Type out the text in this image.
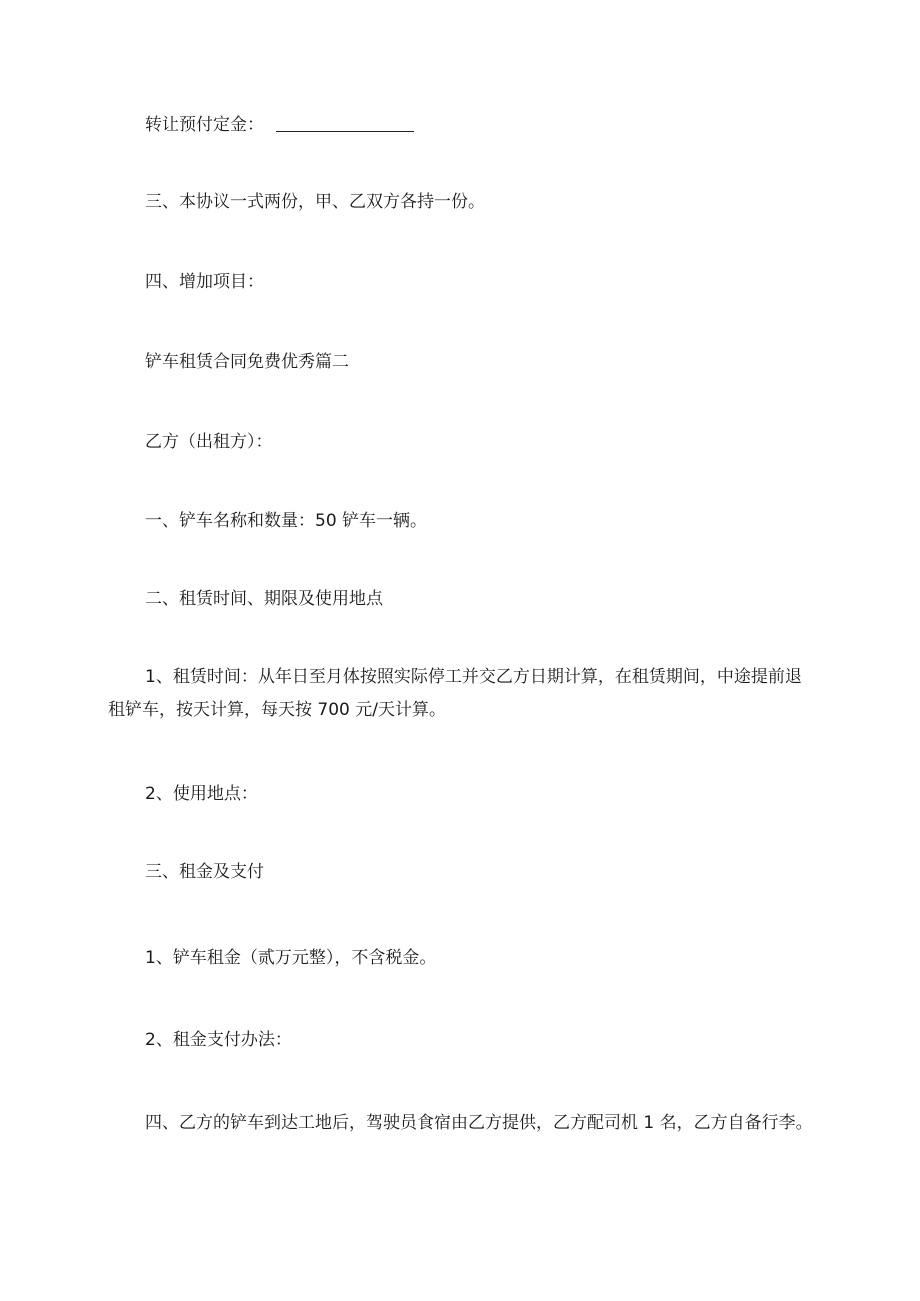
转让预付定金：
三、本协议一式两份，甲、乙双方各持一份。
四、增加项目：
铲车租赁合同免费优秀篇二
乙方（出租方）：
一、铲车名称和数量：50 铲车一辆。
二、租赁时间、期限及使用地点
1、租赁时间：从年日至月体按照实际停工并交乙方日期计算，在租赁期间，中途提前退租铲车，按天计算，每天按 700 元/天计算。
2、使用地点：
三、租金及支付
1、铲车租金（贰万元整），不含税金。
2、租金支付办法：
四、乙方的铲车到达工地后，驾驶员食宿由乙方提供，乙方配司机 1 名，乙方自备行李。
